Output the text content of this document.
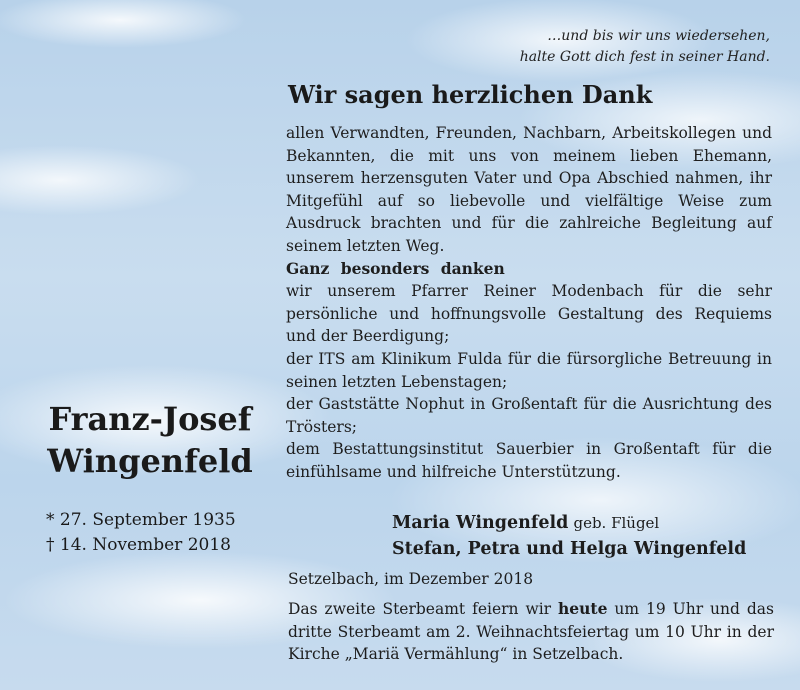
…und bis wir uns wiedersehen,
halte Gott dich fest in seiner Hand.
Franz-Josef
Wingenfeld
* 27. September 1935
† 14. November 2018
Wir sagen herzlichen Dank

allen Verwandten, Freunden, Nachbarn, Arbeitskollegen und Bekannten, die mit uns von meinem lieben Ehemann, unserem herzensguten Vater und Opa Abschied nahmen, ihr Mitgefühl auf so liebevolle und vielfältige Weise zum Ausdruck brachten und für die zahlreiche Begleitung auf seinem letzten Weg.

Ganz besonders danken

wir unserem Pfarrer Reiner Modenbach für die sehr persönliche und hoffnungsvolle Gestaltung des Requiems und der Beerdigung;

der ITS am Klinikum Fulda für die fürsorgliche Betreuung in seinen letzten Lebenstagen;

der Gaststätte Nophut in Großentaft für die Ausrichtung des Trösters;

dem Bestattungsinstitut Sauerbier in Großentaft für die einfühlsame und hilfreiche Unterstützung.

Maria Wingenfeld geb. Flügel
Stefan, Petra und Helga Wingenfeld
Setzelbach, im Dezember 2018
Das zweite Sterbeamt feiern wir heute um 19 Uhr und das dritte Sterbeamt am 2. Weihnachtsfeiertag um 10 Uhr in der Kirche „Mariä Vermählung“ in Setzelbach.
